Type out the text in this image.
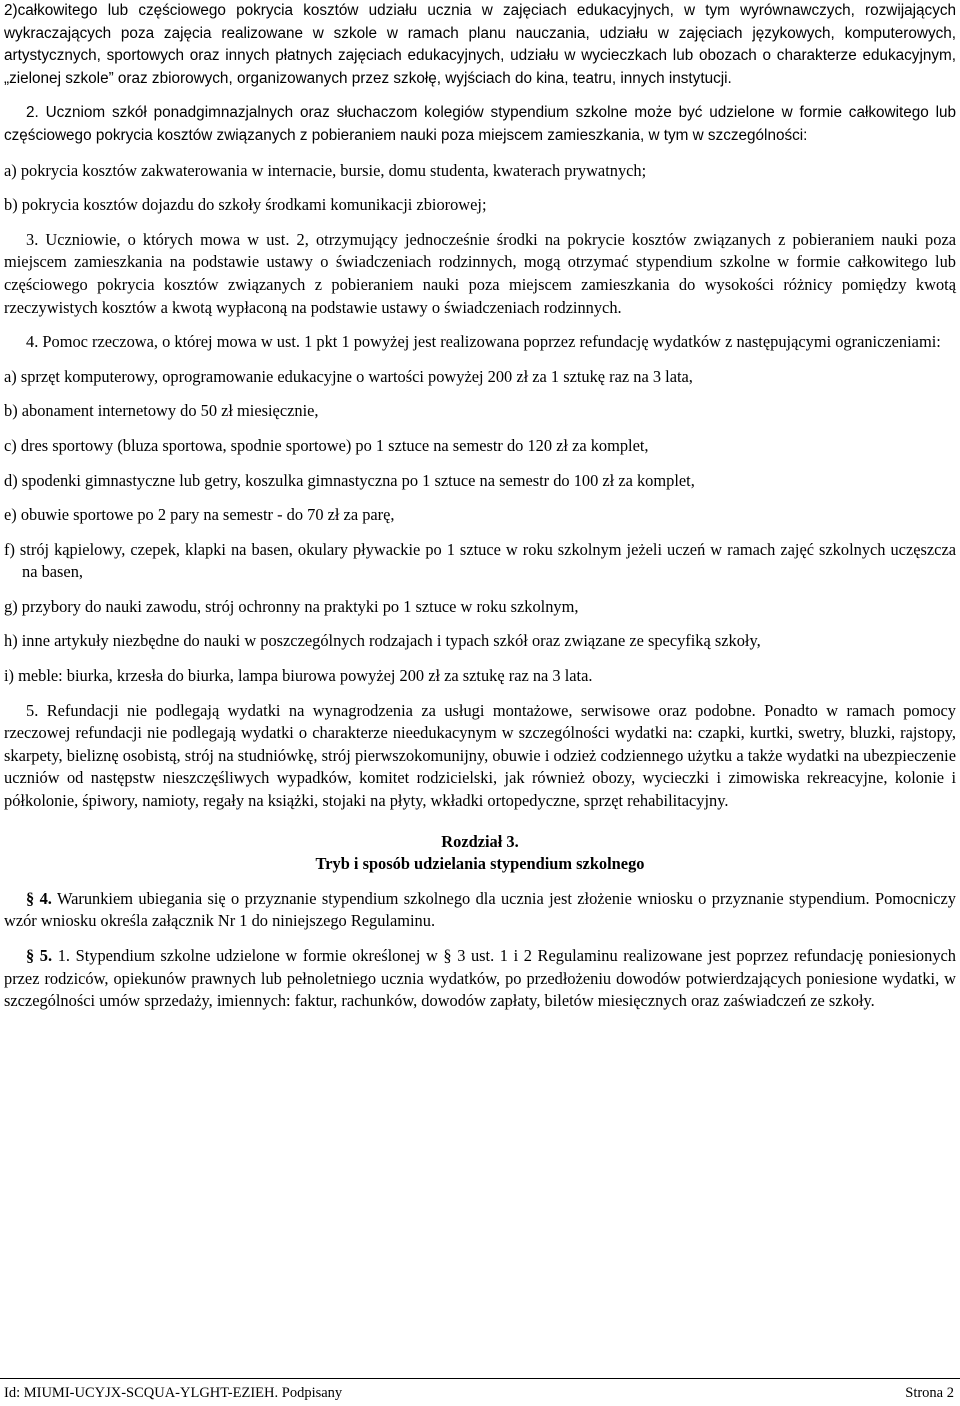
2)całkowitego lub częściowego pokrycia kosztów udziału ucznia w zajęciach edukacyjnych, w tym wyrównawczych, rozwijających wykraczających poza zajęcia realizowane w szkole w ramach planu nauczania, udziału w zajęciach językowych, komputerowych, artystycznych, sportowych oraz innych płatnych zajęciach edukacyjnych, udziału w wycieczkach lub obozach o charakterze edukacyjnym, „zielonej szkole” oraz zbiorowych, organizowanych przez szkołę, wyjściach do kina, teatru, innych instytucji.

2. Uczniom szkół ponadgimnazjalnych oraz słuchaczom kolegiów stypendium szkolne może być udzielone w formie całkowitego lub częściowego pokrycia kosztów związanych z pobieraniem nauki poza miejscem zamieszkania, w tym w szczególności:

a) pokrycia kosztów zakwaterowania w internacie, bursie, domu studenta, kwaterach prywatnych;

b) pokrycia kosztów dojazdu do szkoły środkami komunikacji zbiorowej;

3. Uczniowie, o których mowa w ust. 2, otrzymujący jednocześnie środki na pokrycie kosztów związanych z pobieraniem nauki poza miejscem zamieszkania na podstawie ustawy o świadczeniach rodzinnych, mogą otrzymać stypendium szkolne w formie całkowitego lub częściowego pokrycia kosztów związanych z pobieraniem nauki poza miejscem zamieszkania do wysokości różnicy pomiędzy kwotą rzeczywistych kosztów a kwotą wypłaconą na podstawie ustawy o świadczeniach rodzinnych.

4. Pomoc rzeczowa, o której mowa w ust. 1 pkt 1 powyżej jest realizowana poprzez refundację wydatków z następującymi ograniczeniami:

a) sprzęt komputerowy, oprogramowanie edukacyjne o wartości powyżej 200 zł za 1 sztukę raz na 3 lata,

b) abonament internetowy do 50 zł miesięcznie,

c) dres sportowy (bluza sportowa, spodnie sportowe) po 1 sztuce na semestr do 120 zł za komplet,

d) spodenki gimnastyczne lub getry, koszulka gimnastyczna po 1 sztuce na semestr do 100 zł za komplet,

e) obuwie sportowe po 2 pary na semestr - do 70 zł za parę,

f) strój kąpielowy, czepek, klapki na basen, okulary pływackie po 1 sztuce w roku szkolnym jeżeli uczeń w ramach zajęć szkolnych uczęszcza na basen,

g) przybory do nauki zawodu, strój ochronny na praktyki po 1 sztuce w roku szkolnym,

h) inne artykuły niezbędne do nauki w poszczególnych rodzajach i typach szkół oraz związane ze specyfiką szkoły,

i) meble: biurka, krzesła do biurka, lampa biurowa powyżej 200 zł za sztukę raz na 3 lata.

5. Refundacji nie podlegają wydatki na wynagrodzenia za usługi montażowe, serwisowe oraz podobne. Ponadto w ramach pomocy rzeczowej refundacji nie podlegają wydatki o charakterze nieedukacynym w szczególności wydatki na: czapki, kurtki, swetry, bluzki, rajstopy, skarpety, bieliznę osobistą, strój na studniówkę, strój pierwszokomunijny, obuwie i odzież codziennego użytku a także wydatki na ubezpieczenie uczniów od następstw nieszczęśliwych wypadków, komitet rodzicielski, jak również obozy, wycieczki i zimowiska rekreacyjne, kolonie i półkolonie, śpiwory, namioty, regały na książki, stojaki na płyty, wkładki ortopedyczne, sprzęt rehabilitacyjny.

Rozdział 3.
Tryb i sposób udzielania stypendium szkolnego

§ 4. Warunkiem ubiegania się o przyznanie stypendium szkolnego dla ucznia jest złożenie wniosku o przyznanie stypendium. Pomocniczy wzór wniosku określa załącznik Nr 1 do niniejszego Regulaminu.

§ 5. 1. Stypendium szkolne udzielone w formie określonej w § 3 ust. 1 i 2 Regulaminu realizowane jest poprzez refundację poniesionych przez rodziców, opiekunów prawnych lub pełnoletniego ucznia wydatków, po przedłożeniu dowodów potwierdzających poniesione wydatki, w szczególności umów sprzedaży, imiennych: faktur, rachunków, dowodów zapłaty, biletów miesięcznych oraz zaświadczeń ze szkoły.

Id: MIUMI-UCYJX-SCQUA-YLGHT-EZIEH. Podpisany	Strona 2
